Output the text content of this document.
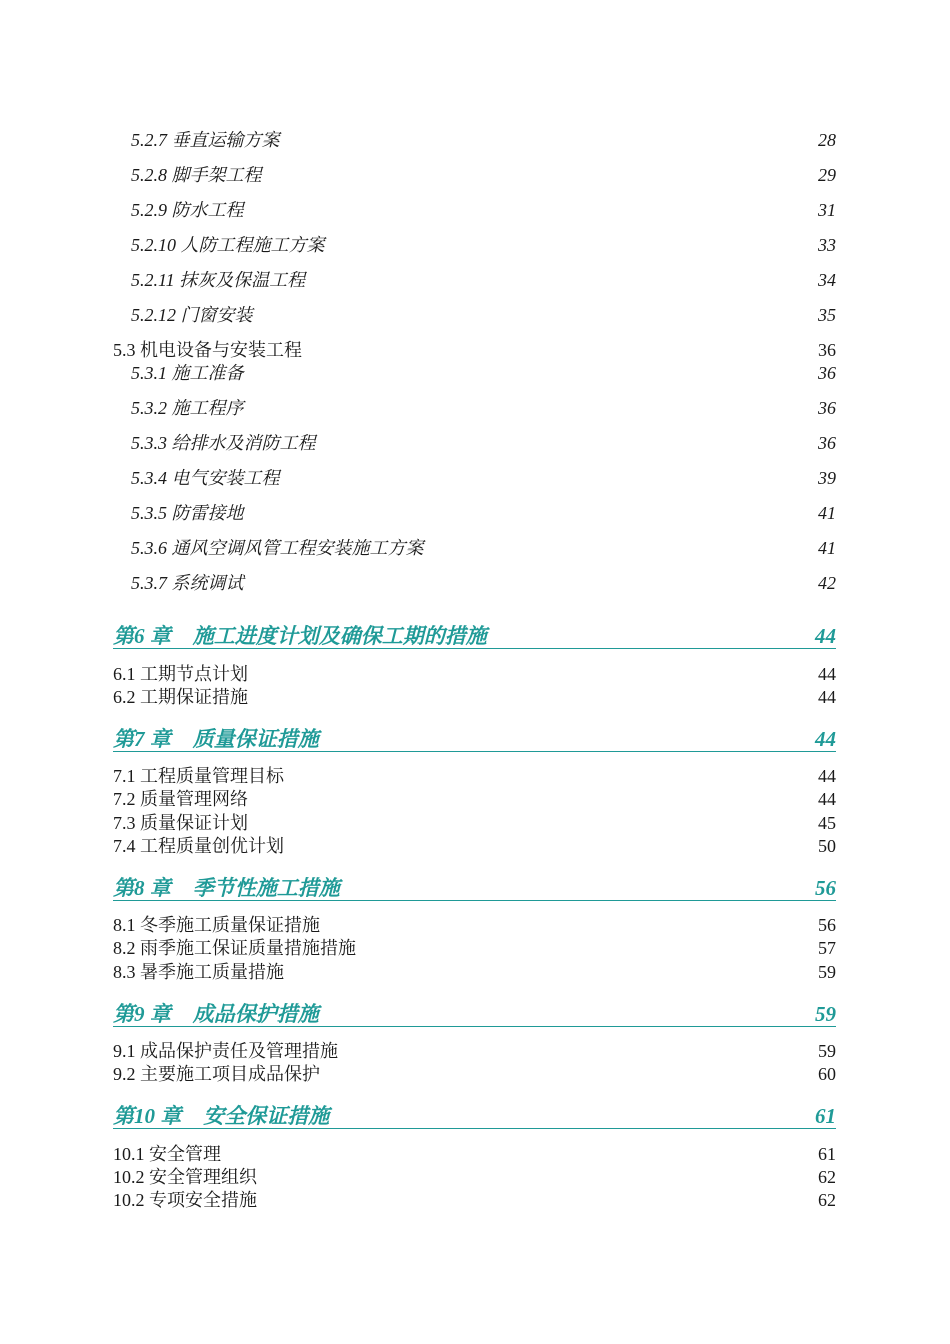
5.2.7 垂直运输方案	28
5.2.8 脚手架工程	29
5.2.9 防水工程	31
5.2.10 人防工程施工方案	33
5.2.11 抹灰及保温工程	34
5.2.12 门窗安装	35
5.3 机电设备与安装工程	36
5.3.1 施工准备	36
5.3.2 施工程序	36
5.3.3 给排水及消防工程	36
5.3.4 电气安装工程	39
5.3.5 防雷接地	41
5.3.6 通风空调风管工程安装施工方案	41
5.3.7 系统调试	42
第6 章 施工进度计划及确保工期的措施	44
6.1 工期节点计划	44
6.2 工期保证措施	44
第7 章 质量保证措施	44
7.1 工程质量管理目标	44
7.2 质量管理网络	44
7.3 质量保证计划	45
7.4 工程质量创优计划	50
第8 章 季节性施工措施	56
8.1 冬季施工质量保证措施	56
8.2 雨季施工保证质量措施措施	57
8.3 暑季施工质量措施	59
第9 章 成品保护措施	59
9.1 成品保护责任及管理措施	59
9.2 主要施工项目成品保护	60
第10 章 安全保证措施	61
10.1 安全管理	61
10.2 安全管理组织	62
10.2 专项安全措施	62
